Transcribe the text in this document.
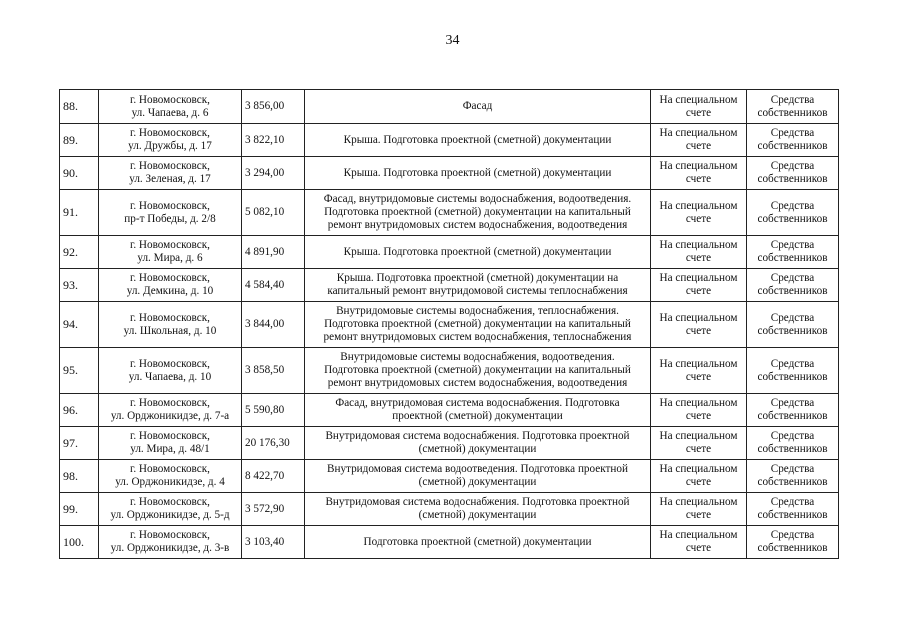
34
88.	г. Новомосковск,
ул. Чапаева, д. 6	3 856,00	Фасад	На специальном
счете	Средства
собственников

89.	г. Новомосковск,
ул. Дружбы, д. 17	3 822,10	Крыша. Подготовка проектной (сметной) документации	На специальном
счете	Средства
собственников

90.	г. Новомосковск,
ул. Зеленая, д. 17	3 294,00	Крыша. Подготовка проектной (сметной) документации	На специальном
счете	Средства
собственников

91.	г. Новомосковск,
пр-т Победы, д. 2/8	5 082,10	Фасад, внутридомовые системы водоснабжения, водоотведения.
Подготовка проектной (сметной) документации на капитальный
ремонт внутридомовых систем водоснабжения, водоотведения	На специальном
счете	Средства
собственников

92.	г. Новомосковск,
ул. Мира, д. 6	4 891,90	Крыша. Подготовка проектной (сметной) документации	На специальном
счете	Средства
собственников

93.	г. Новомосковск,
ул. Демкина, д. 10	4 584,40	Крыша. Подготовка проектной (сметной) документации на
капитальный ремонт внутридомовой системы теплоснабжения	На специальном
счете	Средства
собственников

94.	г. Новомосковск,
ул. Школьная, д. 10	3 844,00	Внутридомовые системы водоснабжения, теплоснабжения.
Подготовка проектной (сметной) документации на капитальный
ремонт внутридомовых систем водоснабжения, теплоснабжения	На специальном
счете	Средства
собственников

95.	г. Новомосковск,
ул. Чапаева, д. 10	3 858,50	Внутридомовые системы водоснабжения, водоотведения.
Подготовка проектной (сметной) документации на капитальный
ремонт внутридомовых систем водоснабжения, водоотведения	На специальном
счете	Средства
собственников

96.	г. Новомосковск,
ул. Орджоникидзе, д. 7-а	5 590,80	Фасад, внутридомовая система водоснабжения. Подготовка
проектной (сметной) документации	На специальном
счете	Средства
собственников

97.	г. Новомосковск,
ул. Мира, д. 48/1	20 176,30	Внутридомовая система водоснабжения. Подготовка проектной
(сметной) документации	На специальном
счете	Средства
собственников

98.	г. Новомосковск,
ул. Орджоникидзе, д. 4	8 422,70	Внутридомовая система водоотведения. Подготовка проектной
(сметной) документации	На специальном
счете	Средства
собственников

99.	г. Новомосковск,
ул. Орджоникидзе, д. 5-д	3 572,90	Внутридомовая система водоснабжения. Подготовка проектной
(сметной) документации	На специальном
счете	Средства
собственников

100.	г. Новомосковск,
ул. Орджоникидзе, д. 3-в	3 103,40	Подготовка проектной (сметной) документации	На специальном
счете	Средства
собственников
